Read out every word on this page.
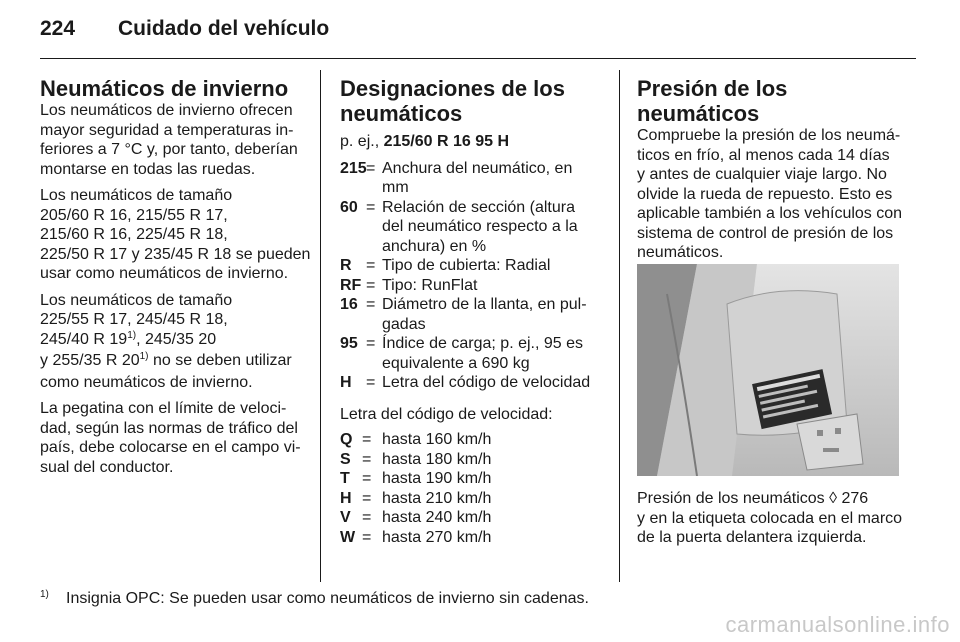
224 Cuidado del vehículo
Neumáticos de invierno

Los neumáticos de invierno ofrecen
mayor seguridad a temperaturas in-
feriores a 7 °C y, por tanto, deberían
montarse en todas las ruedas.

Los neumáticos de tamaño
205/60 R 16, 215/55 R 17,
215/60 R 16, 225/45 R 18,
225/50 R 17 y 235/45 R 18 se pueden
usar como neumáticos de invierno.

Los neumáticos de tamaño
225/55 R 17, 245/45 R 18,
245/40 R 19$^{1)}$, 245/35 20
y 255/35 R 20$^{1)}$ no se deben utilizar
como neumáticos de invierno.

La pegatina con el límite de veloci-
dad, según las normas de tráfico del
país, debe colocarse en el campo vi-
sual del conductor.

Designaciones de los
neumáticos
p. ej., 215/60 R 16 95 H
215 = Anchura del neumático, en
mm
60 = Relación de sección (altura
del neumático respecto a la
anchura) en %
R = Tipo de cubierta: Radial
RF = Tipo: RunFlat
16 = Diámetro de la llanta, en pul-
gadas
95 = Índice de carga; p. ej., 95 es
equivalente a 690 kg
H = Letra del código de velocidad
Letra del código de velocidad:
Q = hasta 160 km/h
S = hasta 180 km/h
T = hasta 190 km/h
H = hasta 210 km/h
V = hasta 240 km/h
W = hasta 270 km/h
Presión de los neumáticos

Compruebe la presión de los neumá-
ticos en frío, al menos cada 14 días
y antes de cualquier viaje largo. No
olvide la rueda de repuesto. Esto es
aplicable también a los vehículos con
sistema de control de presión de los
neumáticos.

Presión de los neumáticos ◊ 276
y en la etiqueta colocada en el marco
de la puerta delantera izquierda.
1) Insignia OPC: Se pueden usar como neumáticos de invierno sin cadenas.
carmanualsonline.info
